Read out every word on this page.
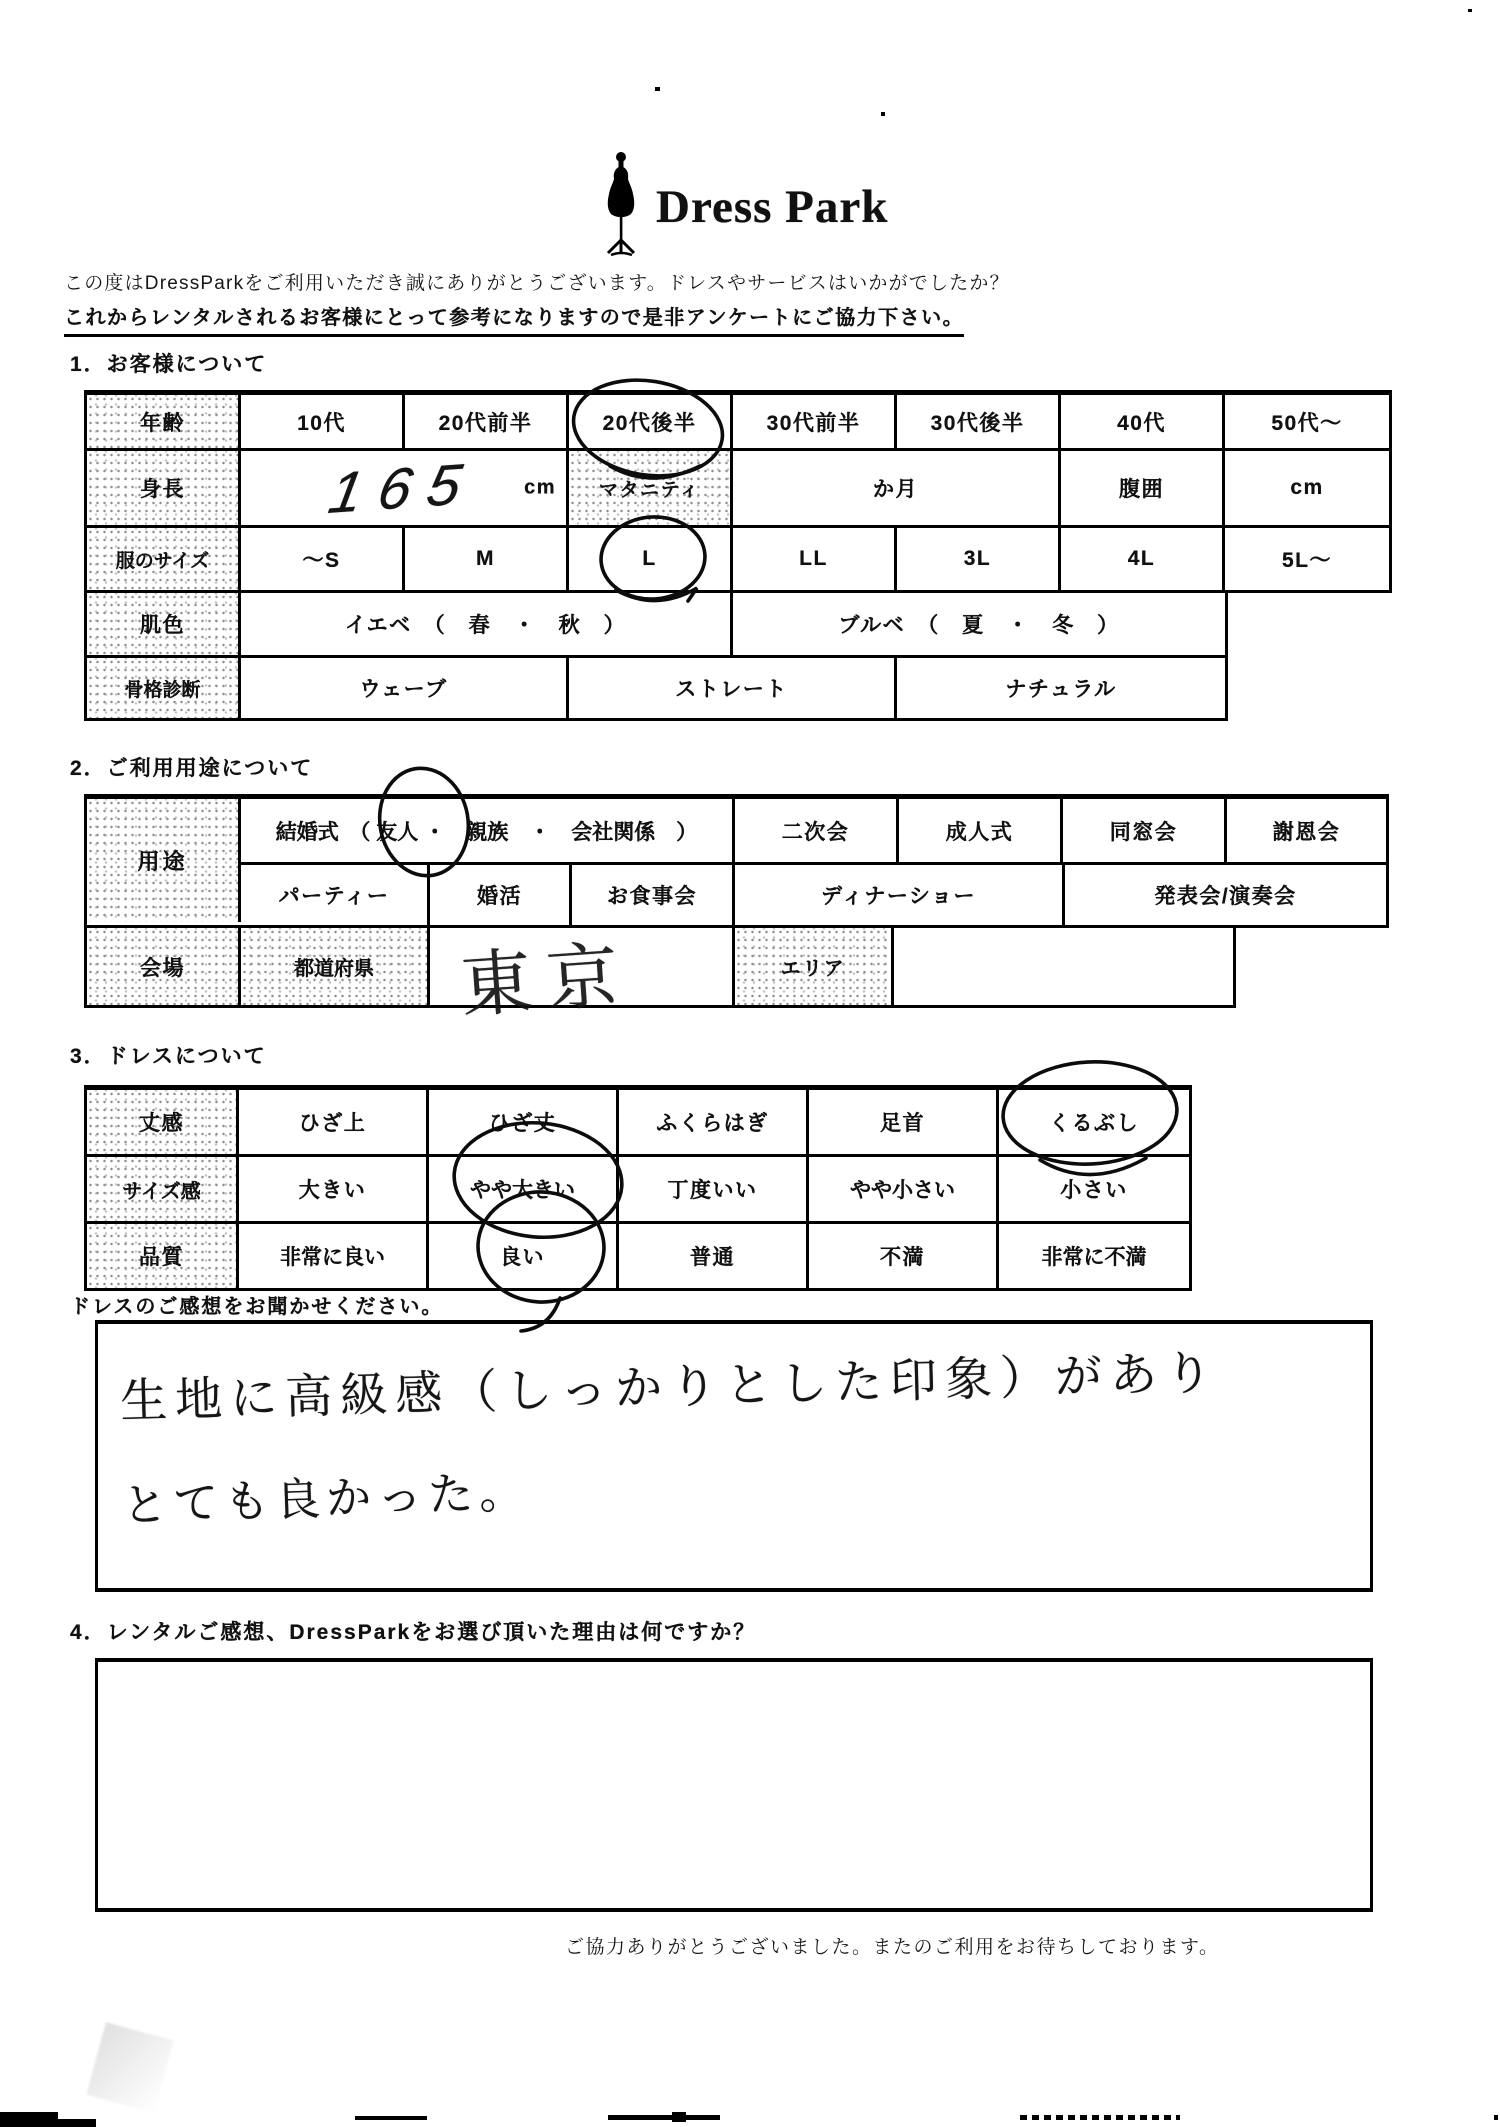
Dress Park
この度はDressParkをご利用いただき誠にありがとうございます。ドレスやサービスはいかがでしたか？
これからレンタルされるお客様にとって参考になりますので是非アンケートにご協力下さい。
1．お客様について
年齢	10代	20代前半	20代後半	30代前半	30代後半	40代	50代～
身長	165 cm	マタニティ	か月	腹囲	cm
服のサイズ	～S	M	L	LL	3L	4L	5L～
肌色	イエベ　（　春　・　秋　）	ブルベ　（　夏　・　冬　）
骨格診断	ウェーブ	ストレート	ナチュラル
2．ご利用用途について
用途
結婚式　（ 友人 ・　親族　・　会社関係　）	二次会	成人式	同窓会	謝恩会
パーティー	婚活	お食事会	ディナーショー	発表会/演奏会
会場	都道府県	東京	エリア
3．ドレスについて
丈感	ひざ上	ひざ丈	ふくらはぎ	足首	くるぶし
サイズ感	大きい	やや大きい	丁度いい	やや小さい	小さい
品質	非常に良い	良い	普通	不満	非常に不満
ドレスのご感想をお聞かせください。
生地に高級感（しっかりとした印象）があり
とても良かった。
4．レンタルご感想、DressParkをお選び頂いた理由は何ですか？
ご協力ありがとうございました。またのご利用をお待ちしております。
